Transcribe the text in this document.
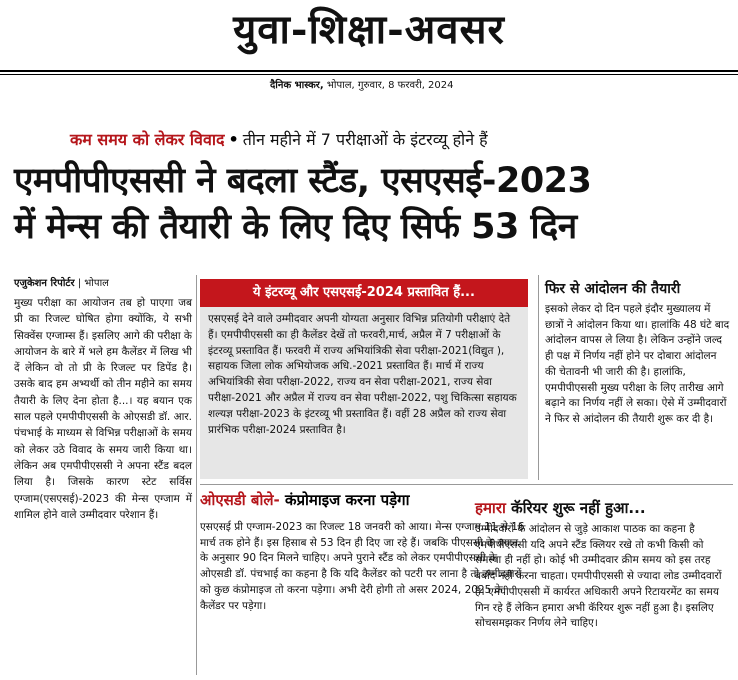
युवा-शिक्षा-अवसर
दैनिक भास्कर, भोपाल, गुरुवार, 8 फरवरी, 2024
कम समय को लेकर विवाद • तीन महीने में 7 परीक्षाओं के इंटरव्यू होने हैं
एमपीपीएससी ने बदला स्टैंड, एसएसई-2023
में मेन्स की तैयारी के लिए दिए सिर्फ 53 दिन
एजुकेशन रिपोर्टर | भोपाल
मुख्य परीक्षा का आयोजन तब हो पाएगा जब प्री का रिजल्ट घोषित होगा क्योंकि, ये सभी सिक्वेंस एग्जाम्स हैं। इसलिए आगे की परीक्षा के आयोजन के बारे में भले हम कैलेंडर में लिख भी दें लेकिन वो तो प्री के रिजल्ट पर डिपेंड है। उसके बाद हम अभ्यर्थी को तीन महीने का समय तैयारी के लिए देना होता है...। यह बयान एक साल पहले एमपीपीएससी के ओएसडी डॉ. आर. पंचभाई के माध्यम से विभिन्न परीक्षाओं के समय को लेकर उठे विवाद के समय जारी किया था। लेकिन अब एमपीपीएससी ने अपना स्टैंड बदल लिया है। जिसके कारण स्टेट सर्विस एग्जाम(एसएसई)-2023 की मेन्स एग्जाम में शामिल होने वाले उम्मीदवार परेशान हैं।
ये इंटरव्यू और एसएसई-2024 प्रस्तावित हैं...
एसएसई देने वाले उम्मीदवार अपनी योग्यता अनुसार विभिन्न प्रतियोगी परीक्षाएं देते हैं। एमपीपीएससी का ही कैलेंडर देखें तो फरवरी,मार्च, अप्रैल में 7 परीक्षाओं के इंटरव्यू प्रस्तावित हैं। फरवरी में राज्य अभियांत्रिकी सेवा परीक्षा-2021(विद्युत ), सहायक जिला लोक अभियोजक अधि.-2021 प्रस्तावित हैं। मार्च में राज्य अभियांत्रिकी सेवा परीक्षा-2022, राज्य वन सेवा परीक्षा-2021, राज्य सेवा परीक्षा-2021 और अप्रैल में राज्य वन सेवा परीक्षा-2022, पशु चिकित्सा सहायक शल्यज्ञ परीक्षा-2023 के इंटरव्यू भी प्रस्तावित हैं। वहीं 28 अप्रैल को राज्य सेवा प्रारंभिक परीक्षा-2024 प्रस्तावित है।
ओएसडी बोले- कंप्रोमाइज करना पड़ेगा
एसएसई प्री एग्जाम-2023 का रिजल्ट 18 जनवरी को आया। मेन्स एग्जाम 11 से 16 मार्च तक होने हैं। इस हिसाब से 53 दिन ही दिए जा रहे हैं। जबकि पीएससी के बयान के अनुसार 90 दिन मिलने चाहिए। अपने पुराने स्टैंड को लेकर एमपीपीएससी के ओएसडी डॉ. पंचभाई का कहना है कि यदि कैलेंडर को पटरी पर लाना है तो उम्मीदवारों को कुछ कंप्रोमाइज तो करना पड़ेगा। अभी देरी होगी तो असर 2024, 2025 के कैलेंडर पर पड़ेगा।
फिर से आंदोलन की तैयारी
इसको लेकर दो दिन पहले इंदौर मुख्यालय में छात्रों ने आंदोलन किया था। हालांकि 48 घंटे बाद आंदोलन वापस ले लिया है। लेकिन उन्होंने जल्द ही पक्ष में निर्णय नहीं होने पर दोबारा आंदोलन की चेतावनी भी जारी की है। हालांकि, एमपीपीएससी मुख्य परीक्षा के लिए तारीख आगे बढ़ाने का निर्णय नहीं ले सका। ऐसे में उम्मीदवारों ने फिर से आंदोलन की तैयारी शुरू कर दी है।
हमारा कॅरियर शुरू नहीं हुआ...
उम्मीदवारों के आंदोलन से जुड़े आकाश पाठक का कहना है एमपीपीएससी यदि अपने स्टैंड क्लियर रखे तो कभी किसी को समस्या ही नहीं हो। कोई भी उम्मीदवार क्रीम समय को इस तरह बर्बाद नहीं करना चाहता। एमपीपीएससी से ज्यादा लोड उम्मीदवारों है। एमपीपीएससी में कार्यरत अधिकारी अपने रिटायरमेंट का समय गिन रहे हैं लेकिन हमारा अभी कॅरियर शुरू नहीं हुआ है। इसलिए सोचसमझकर निर्णय लेने चाहिए।
